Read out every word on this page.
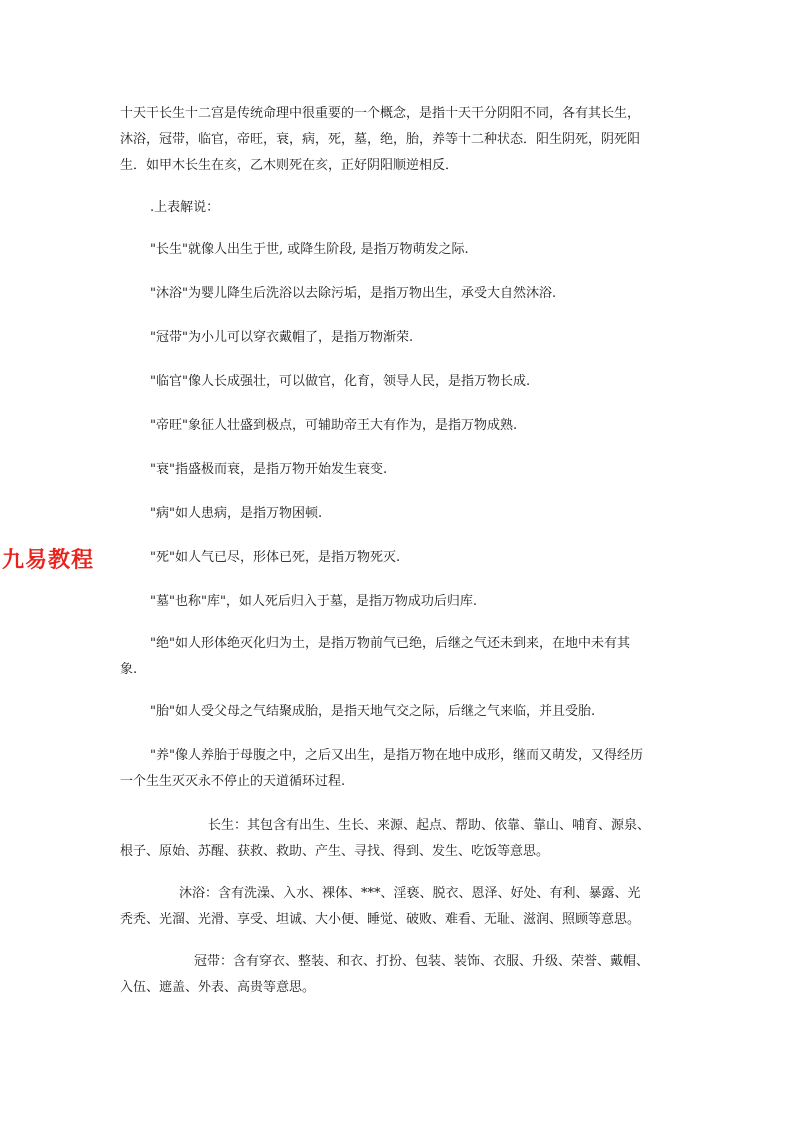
十天干长生十二宫是传统命理中很重要的一个概念，是指十天干分阴阳不同，各有其长生，

沐浴，冠带，临官，帝旺，衰，病，死，墓，绝，胎，养等十二种状态．阳生阴死，阴死阳

生．如甲木长生在亥，乙木则死在亥，正好阴阳顺逆相反．

.上表解说：

"长生"就像人出生于世, 或降生阶段, 是指万物萌发之际.

"沐浴"为婴儿降生后洗浴以去除污垢，是指万物出生，承受大自然沐浴.

"冠带"为小儿可以穿衣戴帽了，是指万物渐荣.

"临官"像人长成强壮，可以做官，化育，领导人民，是指万物长成.

"帝旺"象征人壮盛到极点，可辅助帝王大有作为，是指万物成熟.

"衰"指盛极而衰，是指万物开始发生衰变.

"病"如人患病，是指万物困顿.

"死"如人气已尽，形体已死，是指万物死灭.

"墓"也称"库"，如人死后归入于墓，是指万物成功后归库.

"绝"如人形体绝灭化归为土，是指万物前气已绝，后继之气还未到来，在地中未有其

象.

"胎"如人受父母之气结聚成胎，是指天地气交之际，后继之气来临，并且受胎.

"养"像人养胎于母腹之中，之后又出生，是指万物在地中成形，继而又萌发，又得经历

一个生生灭灭永不停止的天道循环过程.

长生：其包含有出生、生长、来源、起点、帮助、依靠、靠山、哺育、源泉、

根子、原始、苏醒、获救、救助、产生、寻找、得到、发生、吃饭等意思。

沐浴：含有洗澡、入水、裸体、***、淫亵、脱衣、恩泽、好处、有利、暴露、光

秃秃、光溜、光滑、享受、坦诚、大小便、睡觉、破败、难看、无耻、滋润、照顾等意思。

冠带：含有穿衣、整装、和衣、打扮、包装、装饰、衣服、升级、荣誉、戴帽、

入伍、遮盖、外表、高贵等意思。

九易教程
